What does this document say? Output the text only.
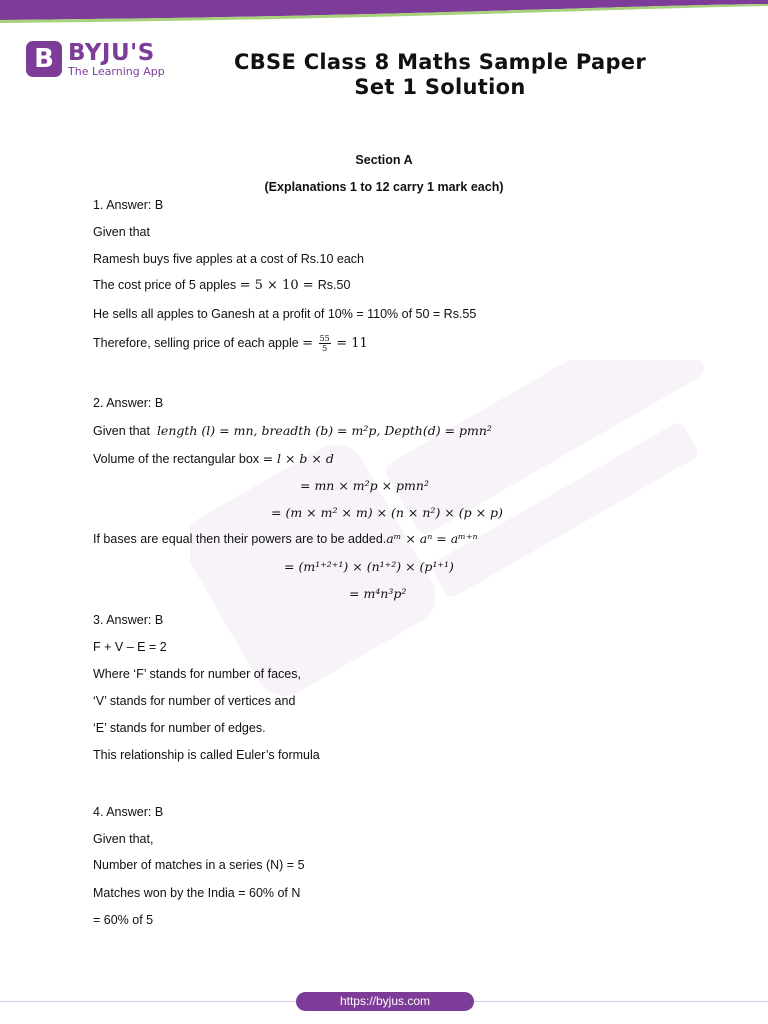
B BYJU'S
The Learning App	CBSE Class 8 Maths Sample Paper
Set 1 Solution
Section A
(Explanations 1 to 12 carry 1 mark each)
1. Answer: B
Given that
Ramesh buys five apples at a cost of Rs.10 each
The cost price of 5 apples = 5 × 10 = Rs.50
He sells all apples to Ganesh at a profit of 10% = 110% of 50 = Rs.55
Therefore, selling price of each apple = $\frac{55}{5} = 11$
2. Answer: B
Given that length (l) = mn, breadth (b) = m²p, Depth(d) = pmn²
Volume of the rectangular box = l × b × d
= mn × m²p × pmn²
= (m × m² × m) × (n × n²) × (p × p)
If bases are equal then their powers are to be added.aᵐ × aⁿ = aᵐ⁺ⁿ
= (m¹⁺²⁺¹) × (n¹⁺²) × (p¹⁺¹)
= m⁴n³p²
3. Answer: B
F + V – E = 2
Where ‘F’ stands for number of faces,
‘V’ stands for number of vertices and
‘E’ stands for number of edges.
This relationship is called Euler’s formula
4. Answer: B
Given that,
Number of matches in a series (N) = 5
Matches won by the India = 60% of N
= 60% of 5
https://byjus.com
